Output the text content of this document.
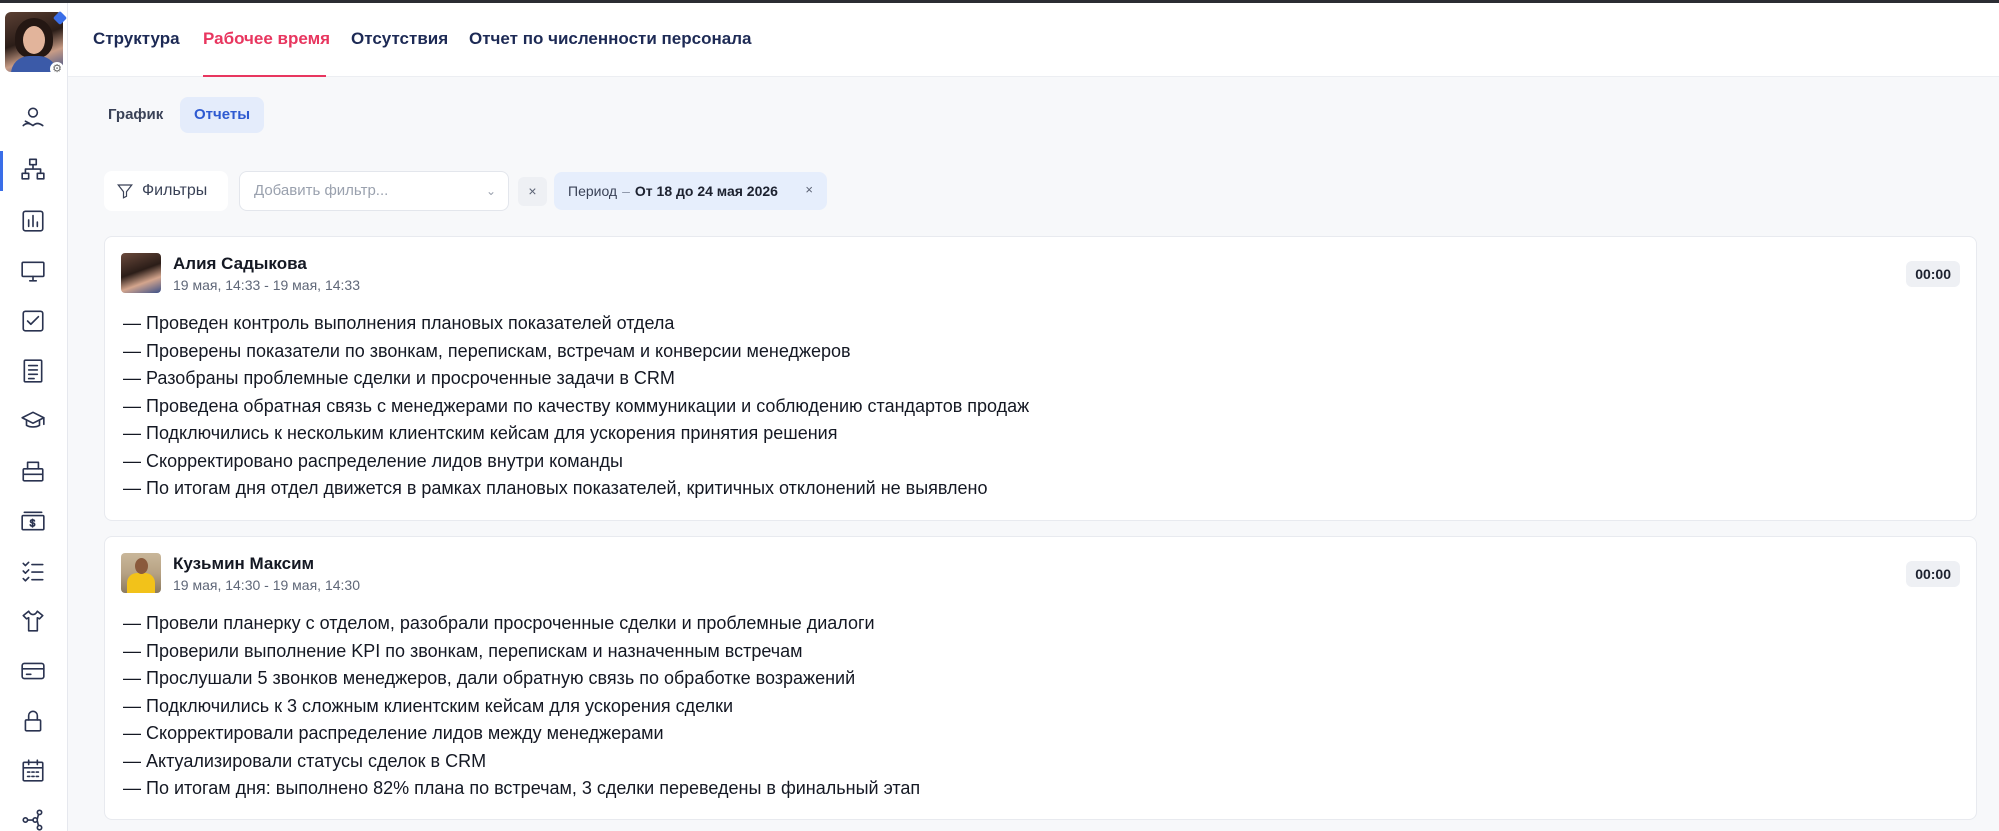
⚙
$
Структура Рабочее время Отсутствия Отчет по численности персонала
График	Отчеты
Фильтры	Добавить фильтр...	⌄	×	Период – От 18 до 24 мая 2026 ×
Алия Садыкова
19 мая, 14:33 - 19 мая, 14:33
00:00
— Проведен контроль выполнения плановых показателей отдела
— Проверены показатели по звонкам, перепискам, встречам и конверсии менеджеров
— Разобраны проблемные сделки и просроченные задачи в CRM
— Проведена обратная связь с менеджерами по качеству коммуникации и соблюдению стандартов продаж
— Подключились к нескольким клиентским кейсам для ускорения принятия решения
— Скорректировано распределение лидов внутри команды
— По итогам дня отдел движется в рамках плановых показателей, критичных отклонений не выявлено
Кузьмин Максим
19 мая, 14:30 - 19 мая, 14:30
00:00
— Провели планерку с отделом, разобрали просроченные сделки и проблемные диалоги
— Проверили выполнение KPI по звонкам, перепискам и назначенным встречам
— Прослушали 5 звонков менеджеров, дали обратную связь по обработке возражений
— Подключились к 3 сложным клиентским кейсам для ускорения сделки
— Скорректировали распределение лидов между менеджерами
— Актуализировали статусы сделок в CRM
— По итогам дня: выполнено 82% плана по встречам, 3 сделки переведены в финальный этап
